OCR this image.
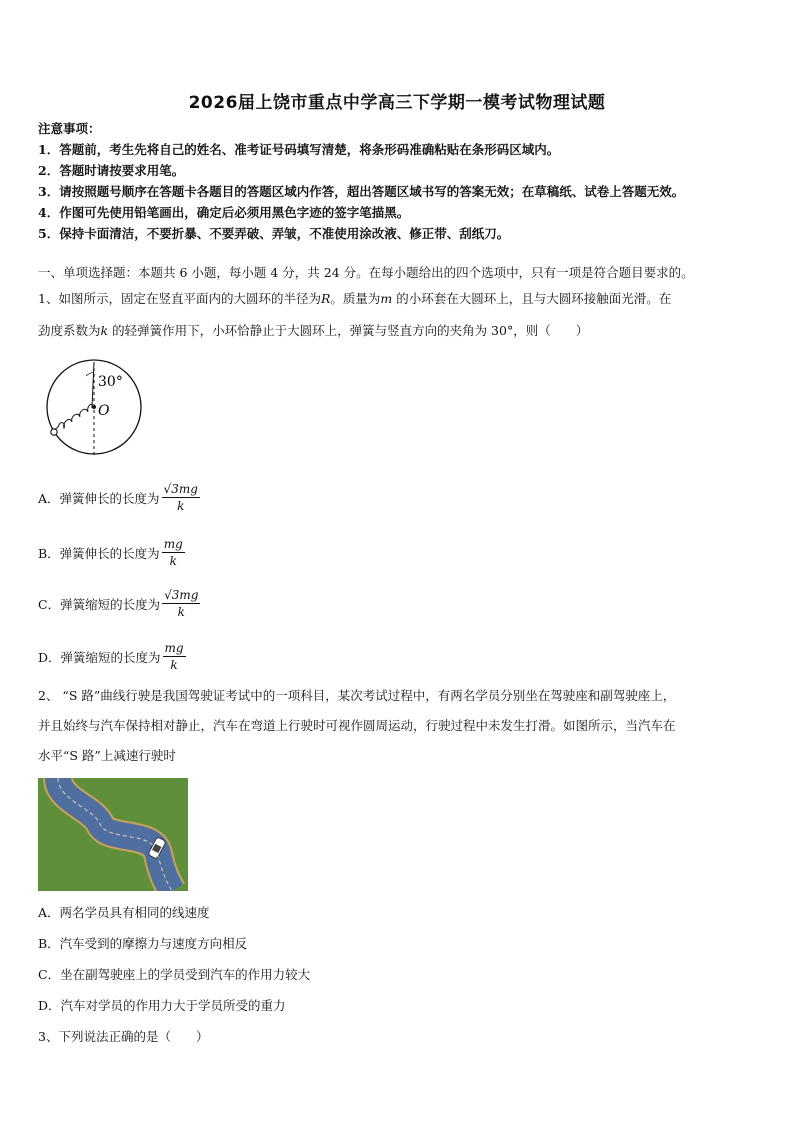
2026届上饶市重点中学高三下学期一模考试物理试题
注意事项：
1．答题前，考生先将自己的姓名、准考证号码填写清楚，将条形码准确粘贴在条形码区域内。
2．答题时请按要求用笔。
3．请按照题号顺序在答题卡各题目的答题区域内作答，超出答题区域书写的答案无效；在草稿纸、试卷上答题无效。
4．作图可先使用铅笔画出，确定后必须用黑色字迹的签字笔描黑。
5．保持卡面清洁，不要折暴、不要弄破、弄皱，不准使用涂改液、修正带、刮纸刀。
一、单项选择题：本题共 6 小题，每小题 4 分，共 24 分。在每小题给出的四个选项中，只有一项是符合题目要求的。
1、如图所示，固定在竖直平面内的大圆环的半径为R。质量为m 的小环套在大圆环上，且与大圆环接触面光滑。在
劲度系数为k 的轻弹簧作用下，小环恰静止于大圆环上，弹簧与竖直方向的夹角为 30°，则（　　）
30°
O
A．弹簧伸长的长度为 $\frac{√3mg}{k}$
B．弹簧伸长的长度为 $\frac{mg}{k}$
C．弹簧缩短的长度为 $\frac{√3mg}{k}$
D．弹簧缩短的长度为 $\frac{mg}{k}$
2、 “S 路”曲线行驶是我国驾驶证考试中的一项科目，某次考试过程中，有两名学员分别坐在驾驶座和副驾驶座上，
并且始终与汽车保持相对静止，汽车在弯道上行驶时可视作圆周运动，行驶过程中未发生打滑。如图所示，当汽车在
水平“S 路”上减速行驶时
A．两名学员具有相同的线速度
B．汽车受到的摩擦力与速度方向相反
C．坐在副驾驶座上的学员受到汽车的作用力较大
D．汽车对学员的作用力大于学员所受的重力
3、下列说法正确的是（　　）
